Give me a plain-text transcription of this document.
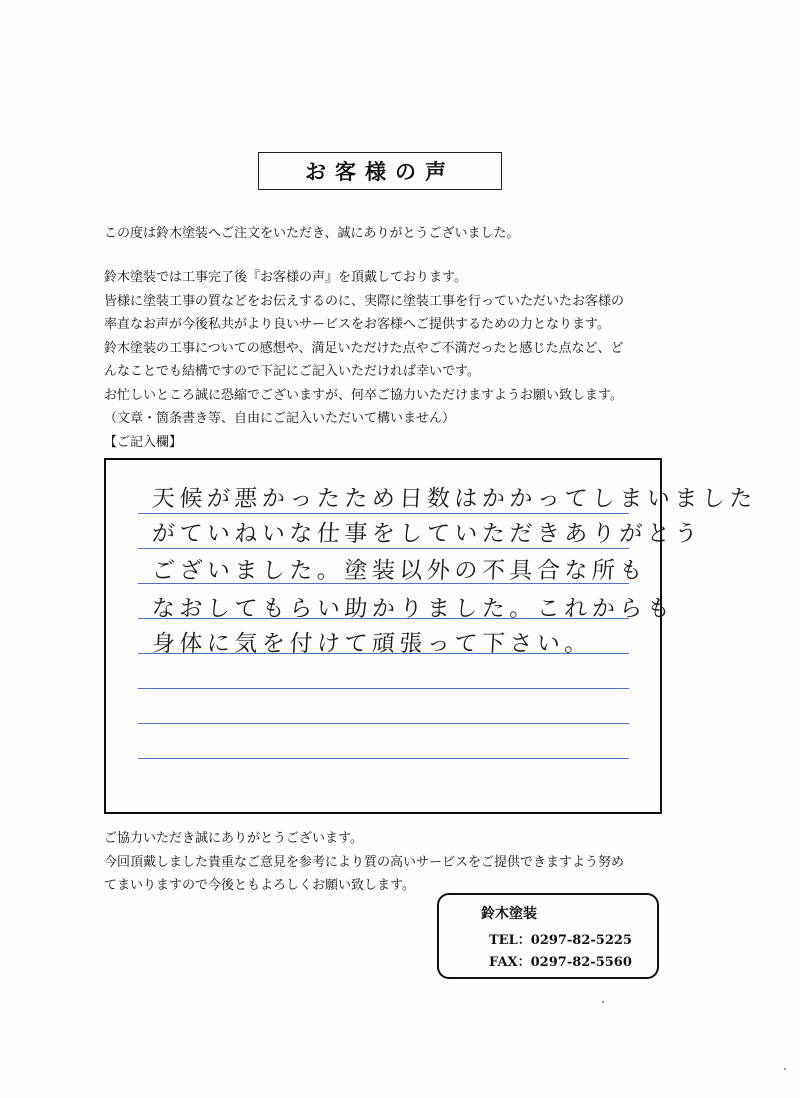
お客様の声
この度は鈴木塗装へご注文をいただき、誠にありがとうございました。
鈴木塗装では工事完了後『お客様の声』を頂戴しております。
皆様に塗装工事の質などをお伝えするのに、実際に塗装工事を行っていただいたお客様の
率直なお声が今後私共がより良いサービスをお客様へご提供するための力となります。
鈴木塗装の工事についての感想や、満足いただけた点やご不満だったと感じた点など、ど
んなことでも結構ですので下記にご記入いただければ幸いです。
お忙しいところ誠に恐縮でございますが、何卒ご協力いただけますようお願い致します。
（文章・箇条書き等、自由にご記入いただいて構いません）
【ご記入欄】
天候が悪かったため日数はかかってしまいました
がていねいな仕事をしていただきありがとう
ございました。塗装以外の不具合な所も
なおしてもらい助かりました。これからも
身体に気を付けて頑張って下さい。
ご協力いただき誠にありがとうございます。
今回頂戴しました貴重なご意見を参考により質の高いサービスをご提供できますよう努め
てまいりますので今後ともよろしくお願い致します。
鈴木塗装
TEL：0297-82-5225
FAX：0297-82-5560
